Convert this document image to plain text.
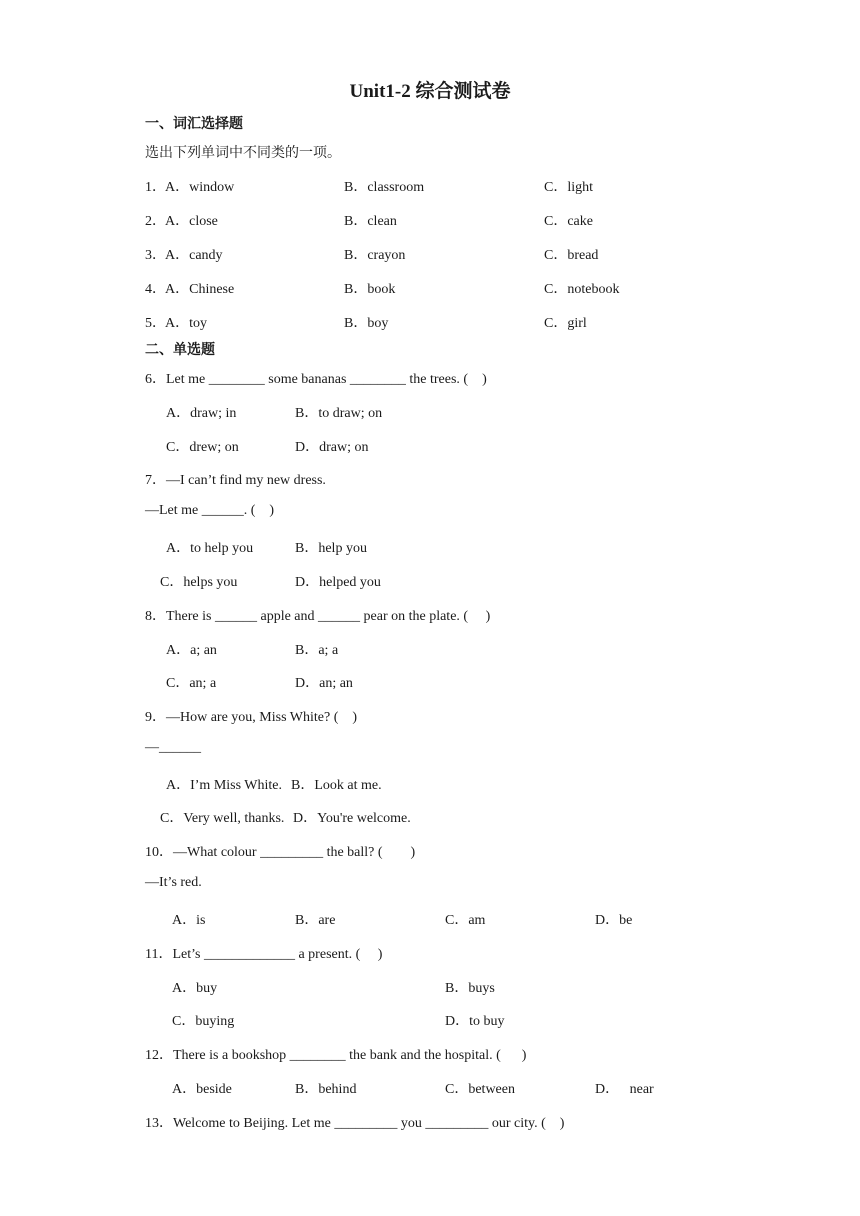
Unit1-2 综合测试卷
一、词汇选择题
选出下列单词中不同类的一项。
1． A．window	B．classroom	C．light
2． A．close	B．clean	C．cake
3． A．candy	B．crayon	C．bread
4． A．Chinese	B．book	C．notebook
5． A．toy	B．boy	C．girl
二、单选题
6．Let me ________ some bananas ________ the trees. (    )
A．draw; in	B．to draw; on
C．drew; on	D．draw; on
7．—I can’t find my new dress.
—Let me ______. (    )
A．to help you	B．help you
C．helps you	D．helped you
8．There is ______ apple and ______ pear on the plate. (     )
A．a; an	B．a; a
C．an; a	D．an; an
9．—How are you, Miss White? (    )
—______
A．I’m Miss White. B．Look at me.
C．Very well, thanks. D．You're welcome.
10．—What colour _________ the ball? (        )
—It’s red.
A．is	B．are	C．am	D．be
11．Let’s _____________ a present. (     )
A．buy	B．buys
C．buying	D．to buy
12．There is a bookshop ________ the bank and the hospital. (      )
A．beside	B．behind	C．between	D．   near
13．Welcome to Beijing. Let me _________ you _________ our city. (    )
